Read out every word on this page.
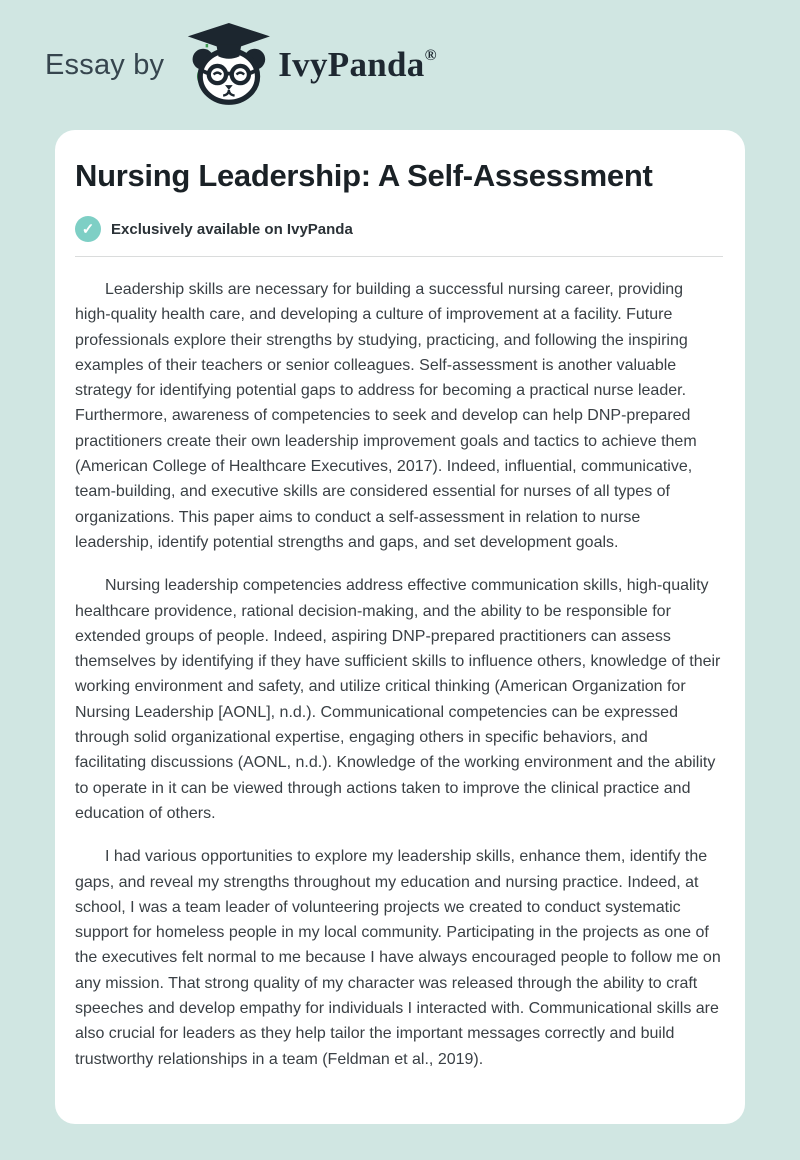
Essay by	IvyPanda®
Nursing Leadership: A Self-Assessment
✓	Exclusively available on IvyPanda

Leadership skills are necessary for building a successful nursing career, providing high-quality health care, and developing a culture of improvement at a facility. Future professionals explore their strengths by studying, practicing, and following the inspiring examples of their teachers or senior colleagues. Self-assessment is another valuable strategy for identifying potential gaps to address for becoming a practical nurse leader. Furthermore, awareness of competencies to seek and develop can help DNP-prepared practitioners create their own leadership improvement goals and tactics to achieve them (American College of Healthcare Executives, 2017). Indeed, influential, communicative, team-building, and executive skills are considered essential for nurses of all types of organizations. This paper aims to conduct a self-assessment in relation to nurse leadership, identify potential strengths and gaps, and set development goals.

Nursing leadership competencies address effective communication skills, high-quality healthcare providence, rational decision-making, and the ability to be responsible for extended groups of people. Indeed, aspiring DNP-prepared practitioners can assess themselves by identifying if they have sufficient skills to influence others, knowledge of their working environment and safety, and utilize critical thinking (American Organization for Nursing Leadership [AONL], n.d.). Communicational competencies can be expressed through solid organizational expertise, engaging others in specific behaviors, and facilitating discussions (AONL, n.d.). Knowledge of the working environment and the ability to operate in it can be viewed through actions taken to improve the clinical practice and education of others.

I had various opportunities to explore my leadership skills, enhance them, identify the gaps, and reveal my strengths throughout my education and nursing practice. Indeed, at school, I was a team leader of volunteering projects we created to conduct systematic support for homeless people in my local community. Participating in the projects as one of the executives felt normal to me because I have always encouraged people to follow me on any mission. That strong quality of my character was released through the ability to craft speeches and develop empathy for individuals I interacted with. Communicational skills are also crucial for leaders as they help tailor the important messages correctly and build trustworthy relationships in a team (Feldman et al., 2019).
